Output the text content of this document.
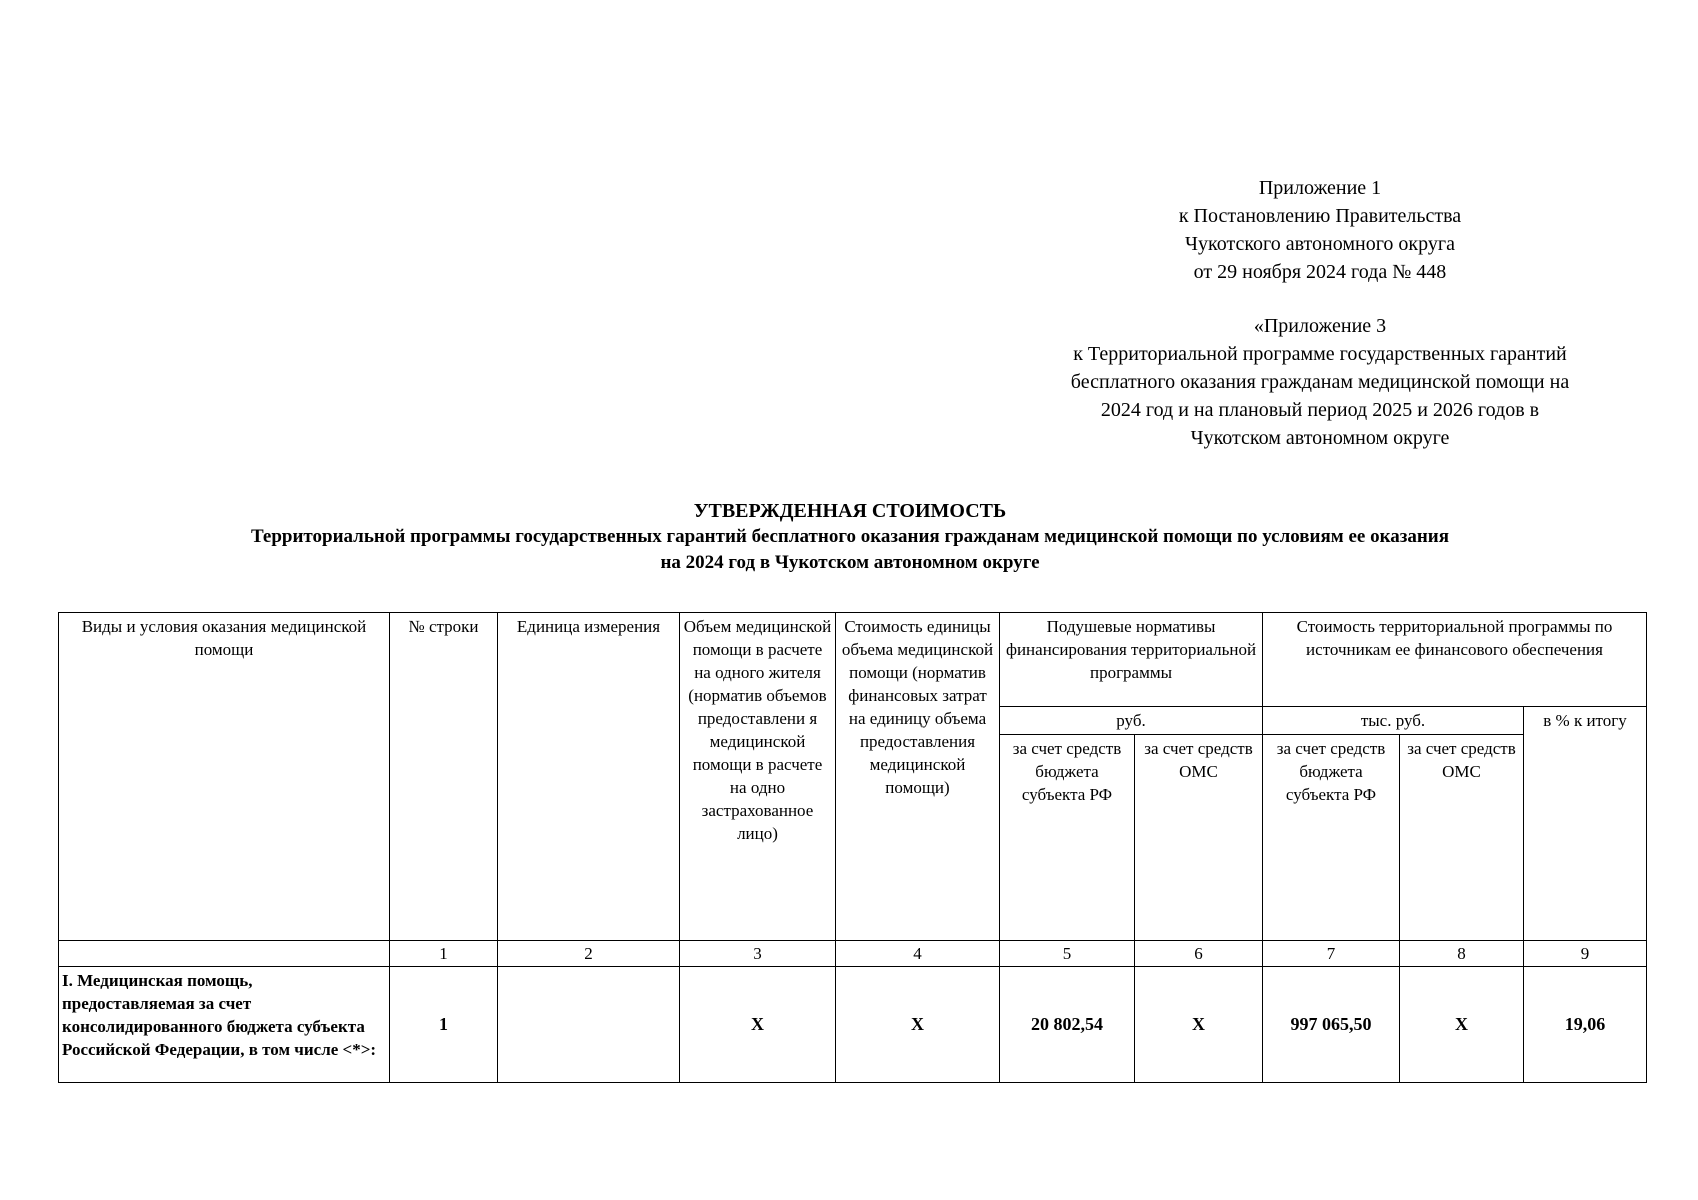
Приложение 1
к Постановлению Правительства
Чукотского автономного округа
от 29 ноября 2024 года № 448
«Приложение 3
к Территориальной программе государственных гарантий
бесплатного оказания гражданам медицинской помощи на
2024 год и на плановый период 2025 и 2026 годов в
Чукотском автономном округе
УТВЕРЖДЕННАЯ СТОИМОСТЬ
Территориальной программы государственных гарантий бесплатного оказания гражданам медицинской помощи по условиям ее оказания
на 2024 год в Чукотском автономном округе
Виды и условия оказания медицинской помощи	№ строки	Единица измерения	Объем медицинской помощи в расчете на одного жителя (норматив объемов предоставлени я медицинской помощи в расчете на одно застрахованное лицо)	Стоимость единицы объема медицинской помощи (норматив финансовых затрат на единицу объема предоставления медицинской помощи)	Подушевые нормативы финансирования территориальной программы		Стоимость территориальной программы по источникам ее финансового обеспечения		
					руб.		тыс. руб.		в % к итогу
					за счет средств бюджета субъекта РФ	за счет средств ОМС	за счет средств бюджета субъекта РФ	за счет средств ОМС	
	1	2	3	4	5	6	7	8	9
I. Медицинская помощь, предоставляемая за счет консолидированного бюджета субъекта Российской Федерации, в том числе <*>:	1		Х	Х	20 802,54	Х	997 065,50	Х	19,06
